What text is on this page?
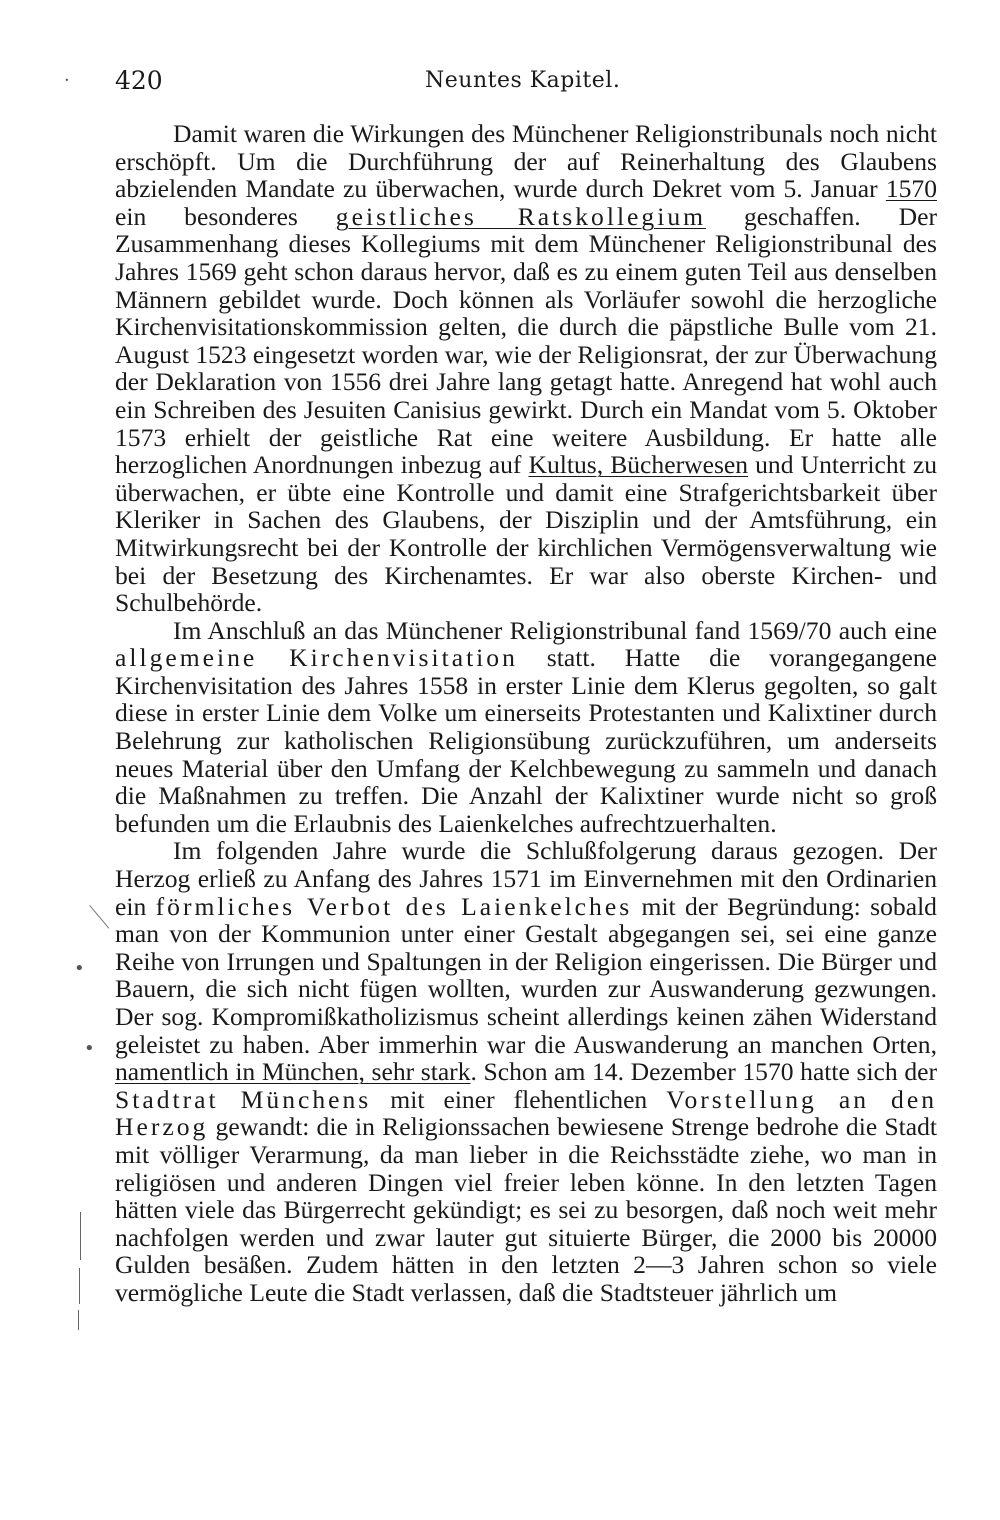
420	Neuntes Kapitel.

Damit waren die Wirkungen des Münchener Religionstribunals noch nicht erschöpft. Um die Durchführung der auf Reinerhaltung des Glaubens abzielenden Mandate zu überwachen, wurde durch Dekret vom 5. Januar 1570 ein besonderes geistliches Ratskollegium geschaffen. Der Zusammenhang dieses Kollegiums mit dem Münchener Religionstribunal des Jahres 1569 geht schon daraus hervor, daß es zu einem guten Teil aus denselben Männern gebildet wurde. Doch können als Vorläufer sowohl die herzogliche Kirchenvisitationskommission gelten, die durch die päpstliche Bulle vom 21. August 1523 eingesetzt worden war, wie der Religionsrat, der zur Überwachung der Deklaration von 1556 drei Jahre lang getagt hatte. Anregend hat wohl auch ein Schreiben des Jesuiten Canisius gewirkt. Durch ein Mandat vom 5. Oktober 1573 erhielt der geistliche Rat eine weitere Ausbildung. Er hatte alle herzoglichen Anordnungen inbezug auf Kultus, Bücherwesen und Unterricht zu überwachen, er übte eine Kontrolle und damit eine Strafgerichtsbarkeit über Kleriker in Sachen des Glaubens, der Disziplin und der Amtsführung, ein Mitwirkungsrecht bei der Kontrolle der kirchlichen Vermögensverwaltung wie bei der Besetzung des Kirchenamtes. Er war also oberste Kirchen- und Schulbehörde.

Im Anschluß an das Münchener Religionstribunal fand 1569/70 auch eine allgemeine Kirchenvisitation statt. Hatte die vorangegangene Kirchenvisitation des Jahres 1558 in erster Linie dem Klerus gegolten, so galt diese in erster Linie dem Volke um einerseits Protestanten und Kalixtiner durch Belehrung zur katholischen Religionsübung zurückzuführen, um anderseits neues Material über den Umfang der Kelchbewegung zu sammeln und danach die Maßnahmen zu treffen. Die Anzahl der Kalixtiner wurde nicht so groß befunden um die Erlaubnis des Laienkelches aufrechtzuerhalten.

Im folgenden Jahre wurde die Schlußfolgerung daraus gezogen. Der Herzog erließ zu Anfang des Jahres 1571 im Einvernehmen mit den Ordinarien ein förmliches Verbot des Laienkelches mit der Begründung: sobald man von der Kommunion unter einer Gestalt abgegangen sei, sei eine ganze Reihe von Irrungen und Spaltungen in der Religion eingerissen. Die Bürger und Bauern, die sich nicht fügen wollten, wurden zur Auswanderung gezwungen. Der sog. Kompromißkatholizismus scheint allerdings keinen zähen Widerstand geleistet zu haben. Aber immerhin war die Auswanderung an manchen Orten, namentlich in München, sehr stark. Schon am 14. Dezember 1570 hatte sich der Stadtrat Münchens mit einer flehentlichen Vorstellung an den Herzog gewandt: die in Religionssachen bewiesene Strenge bedrohe die Stadt mit völliger Verarmung, da man lieber in die Reichsstädte ziehe, wo man in religiösen und anderen Dingen viel freier leben könne. In den letzten Tagen hätten viele das Bürgerrecht gekündigt; es sei zu besorgen, daß noch weit mehr nachfolgen werden und zwar lauter gut situierte Bürger, die 2000 bis 20000 Gulden besäßen. Zudem hätten in den letzten 2—3 Jahren schon so viele vermögliche Leute die Stadt verlassen, daß die Stadtsteuer jährlich um

·
•
•
